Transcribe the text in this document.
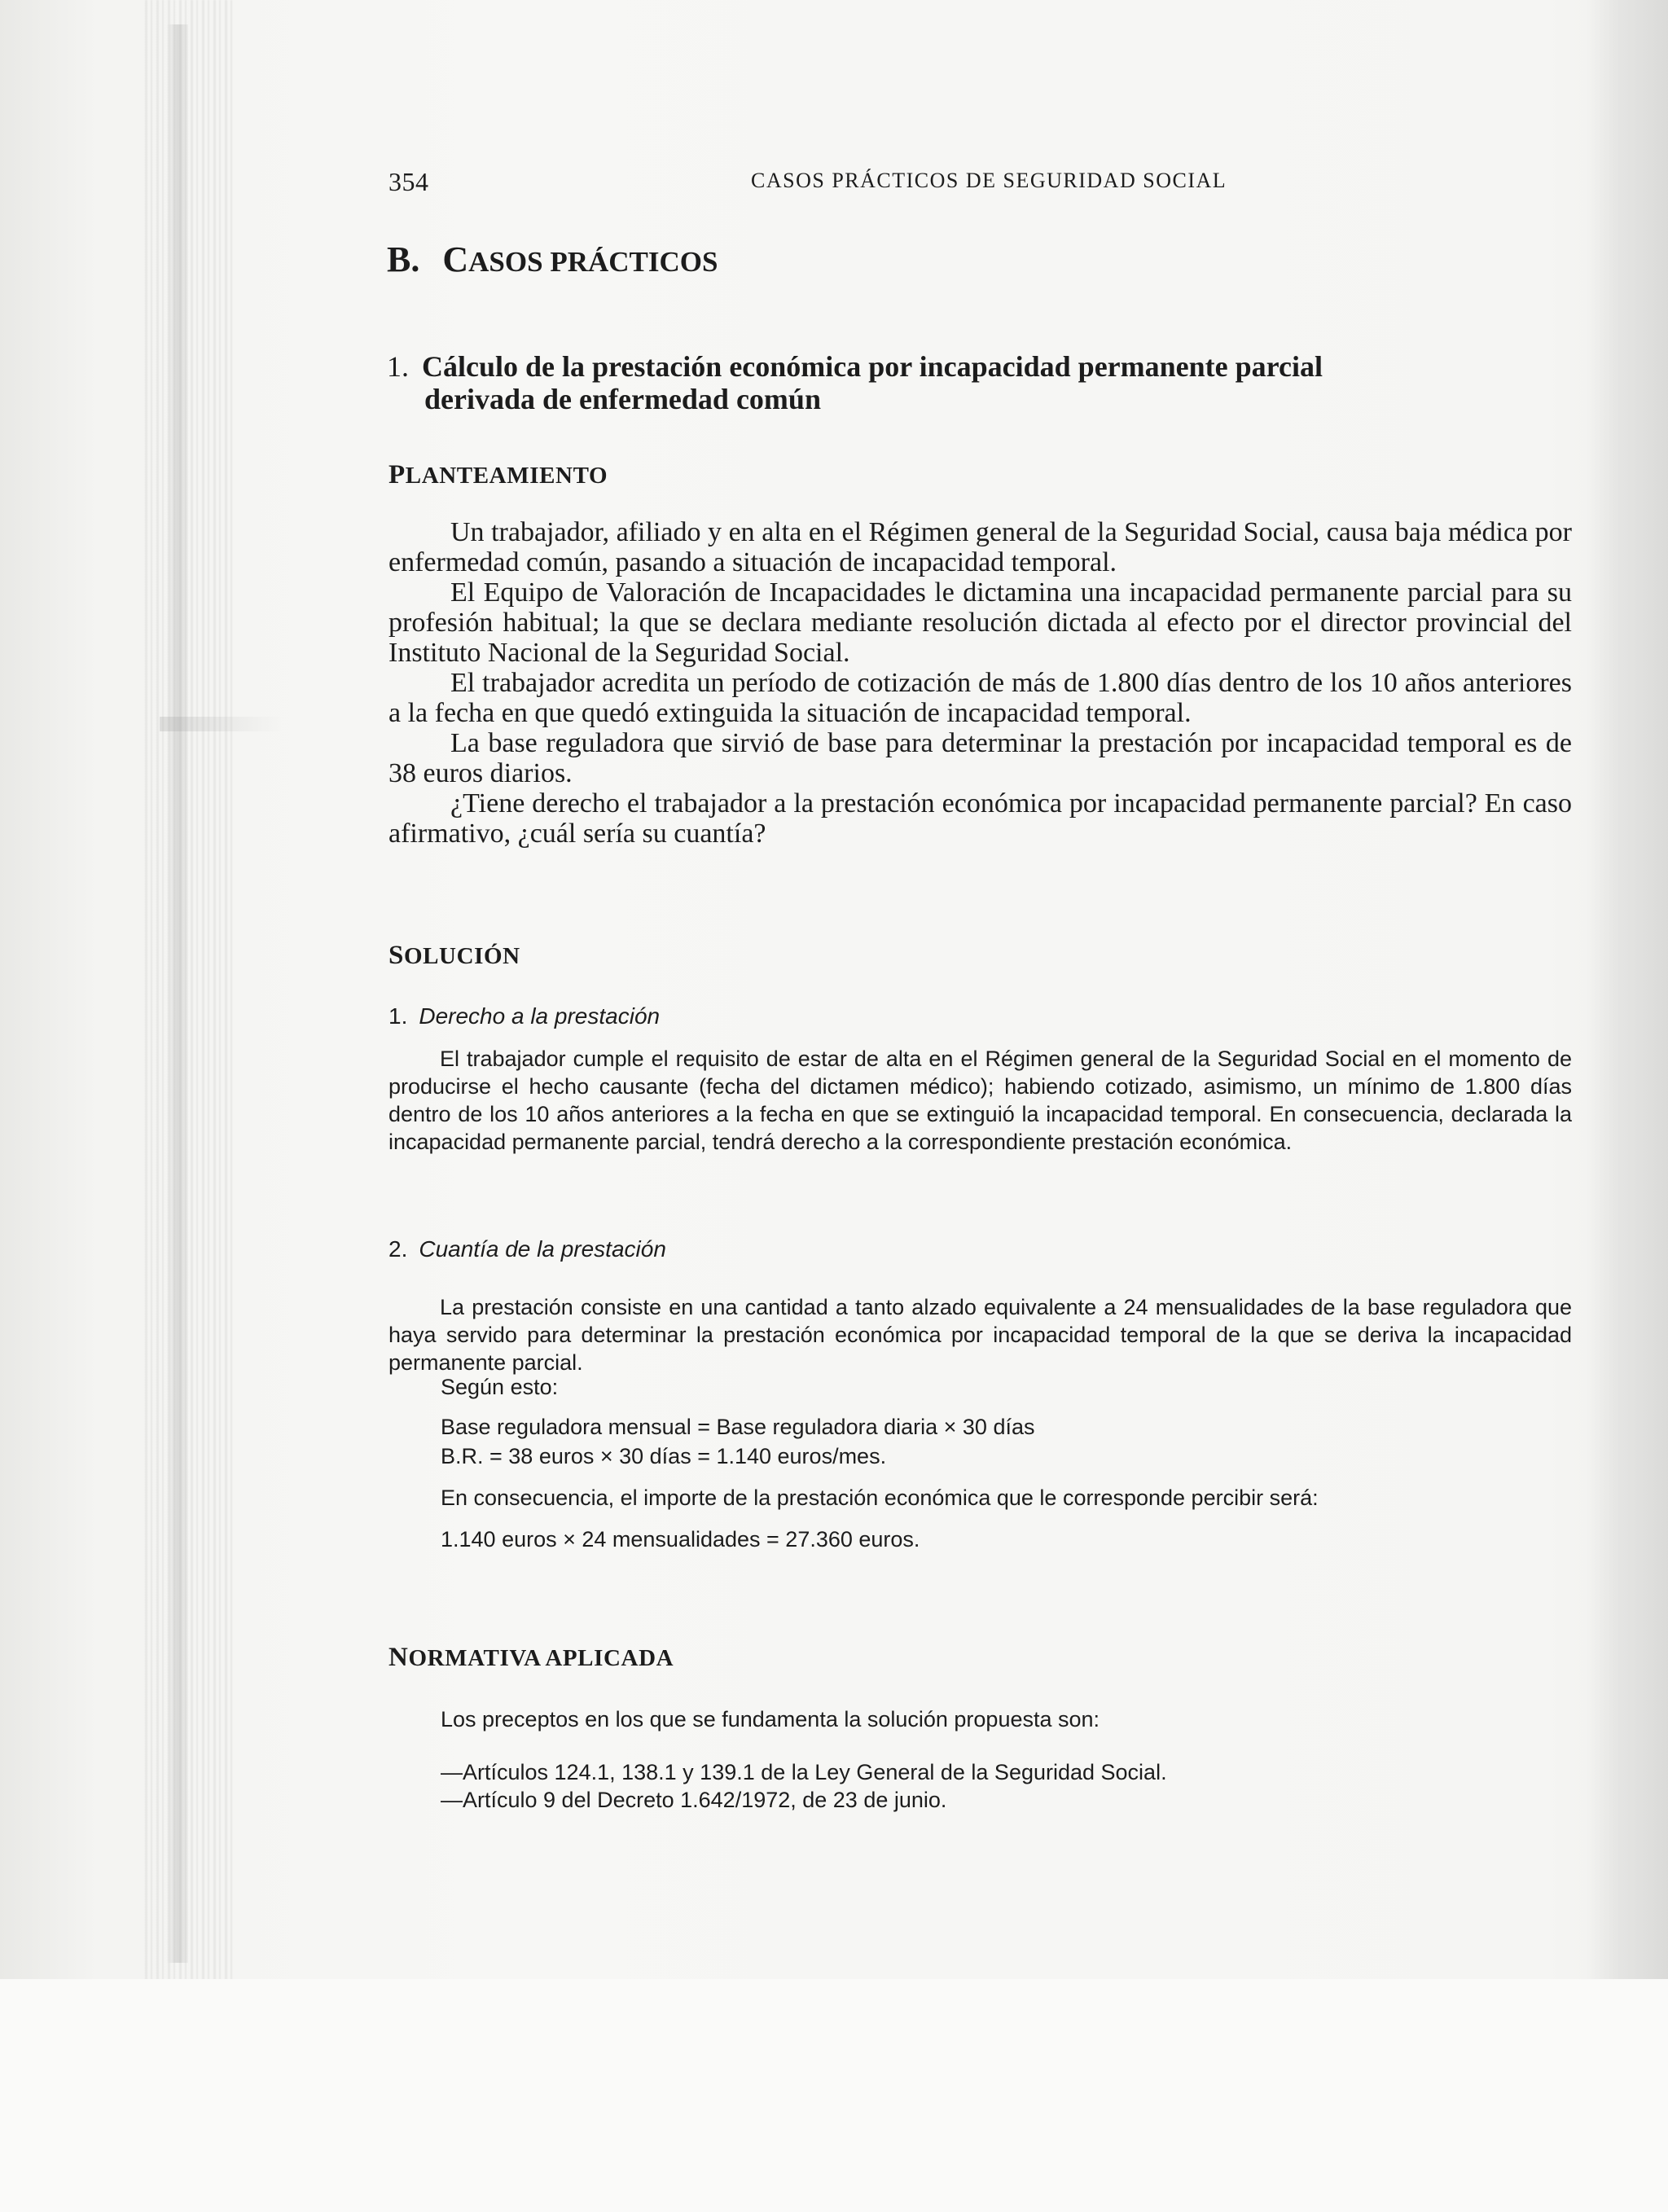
354	CASOS PRÁCTICOS DE SEGURIDAD SOCIAL
B. CASOS PRÁCTICOS
1. Cálculo de la prestación económica por incapacidad permanente parcial
derivada de enfermedad común
PLANTEAMIENTO

Un trabajador, afiliado y en alta en el Régimen general de la Seguridad Social, causa baja médica por enfermedad común, pasando a situación de incapacidad temporal.

El Equipo de Valoración de Incapacidades le dictamina una incapacidad permanente parcial para su profesión habitual; la que se declara mediante resolución dictada al efecto por el director provincial del Instituto Nacional de la Seguridad Social.

El trabajador acredita un período de cotización de más de 1.800 días dentro de los 10 años anteriores a la fecha en que quedó extinguida la situación de incapacidad temporal.

La base reguladora que sirvió de base para determinar la prestación por incapacidad temporal es de 38 euros diarios.

¿Tiene derecho el trabajador a la prestación económica por incapacidad permanente parcial? En caso afirmativo, ¿cuál sería su cuantía?

SOLUCIÓN
1. Derecho a la prestación

El trabajador cumple el requisito de estar de alta en el Régimen general de la Seguridad Social en el momento de producirse el hecho causante (fecha del dictamen médico); habiendo cotizado, asimismo, un mínimo de 1.800 días dentro de los 10 años anteriores a la fecha en que se extinguió la incapacidad temporal. En consecuencia, declarada la incapacidad permanente parcial, tendrá derecho a la correspondiente prestación económica.

2. Cuantía de la prestación

La prestación consiste en una cantidad a tanto alzado equivalente a 24 mensualidades de la base reguladora que haya servido para determinar la prestación económica por incapacidad temporal de la que se deriva la incapacidad permanente parcial.

Según esto:
Base reguladora mensual = Base reguladora diaria × 30 días
B.R. = 38 euros × 30 días = 1.140 euros/mes.
En consecuencia, el importe de la prestación económica que le corresponde percibir será:
1.140 euros × 24 mensualidades = 27.360 euros.
NORMATIVA APLICADA
Los preceptos en los que se fundamenta la solución propuesta son:
—Artículos 124.1, 138.1 y 139.1 de la Ley General de la Seguridad Social.
—Artículo 9 del Decreto 1.642/1972, de 23 de junio.
